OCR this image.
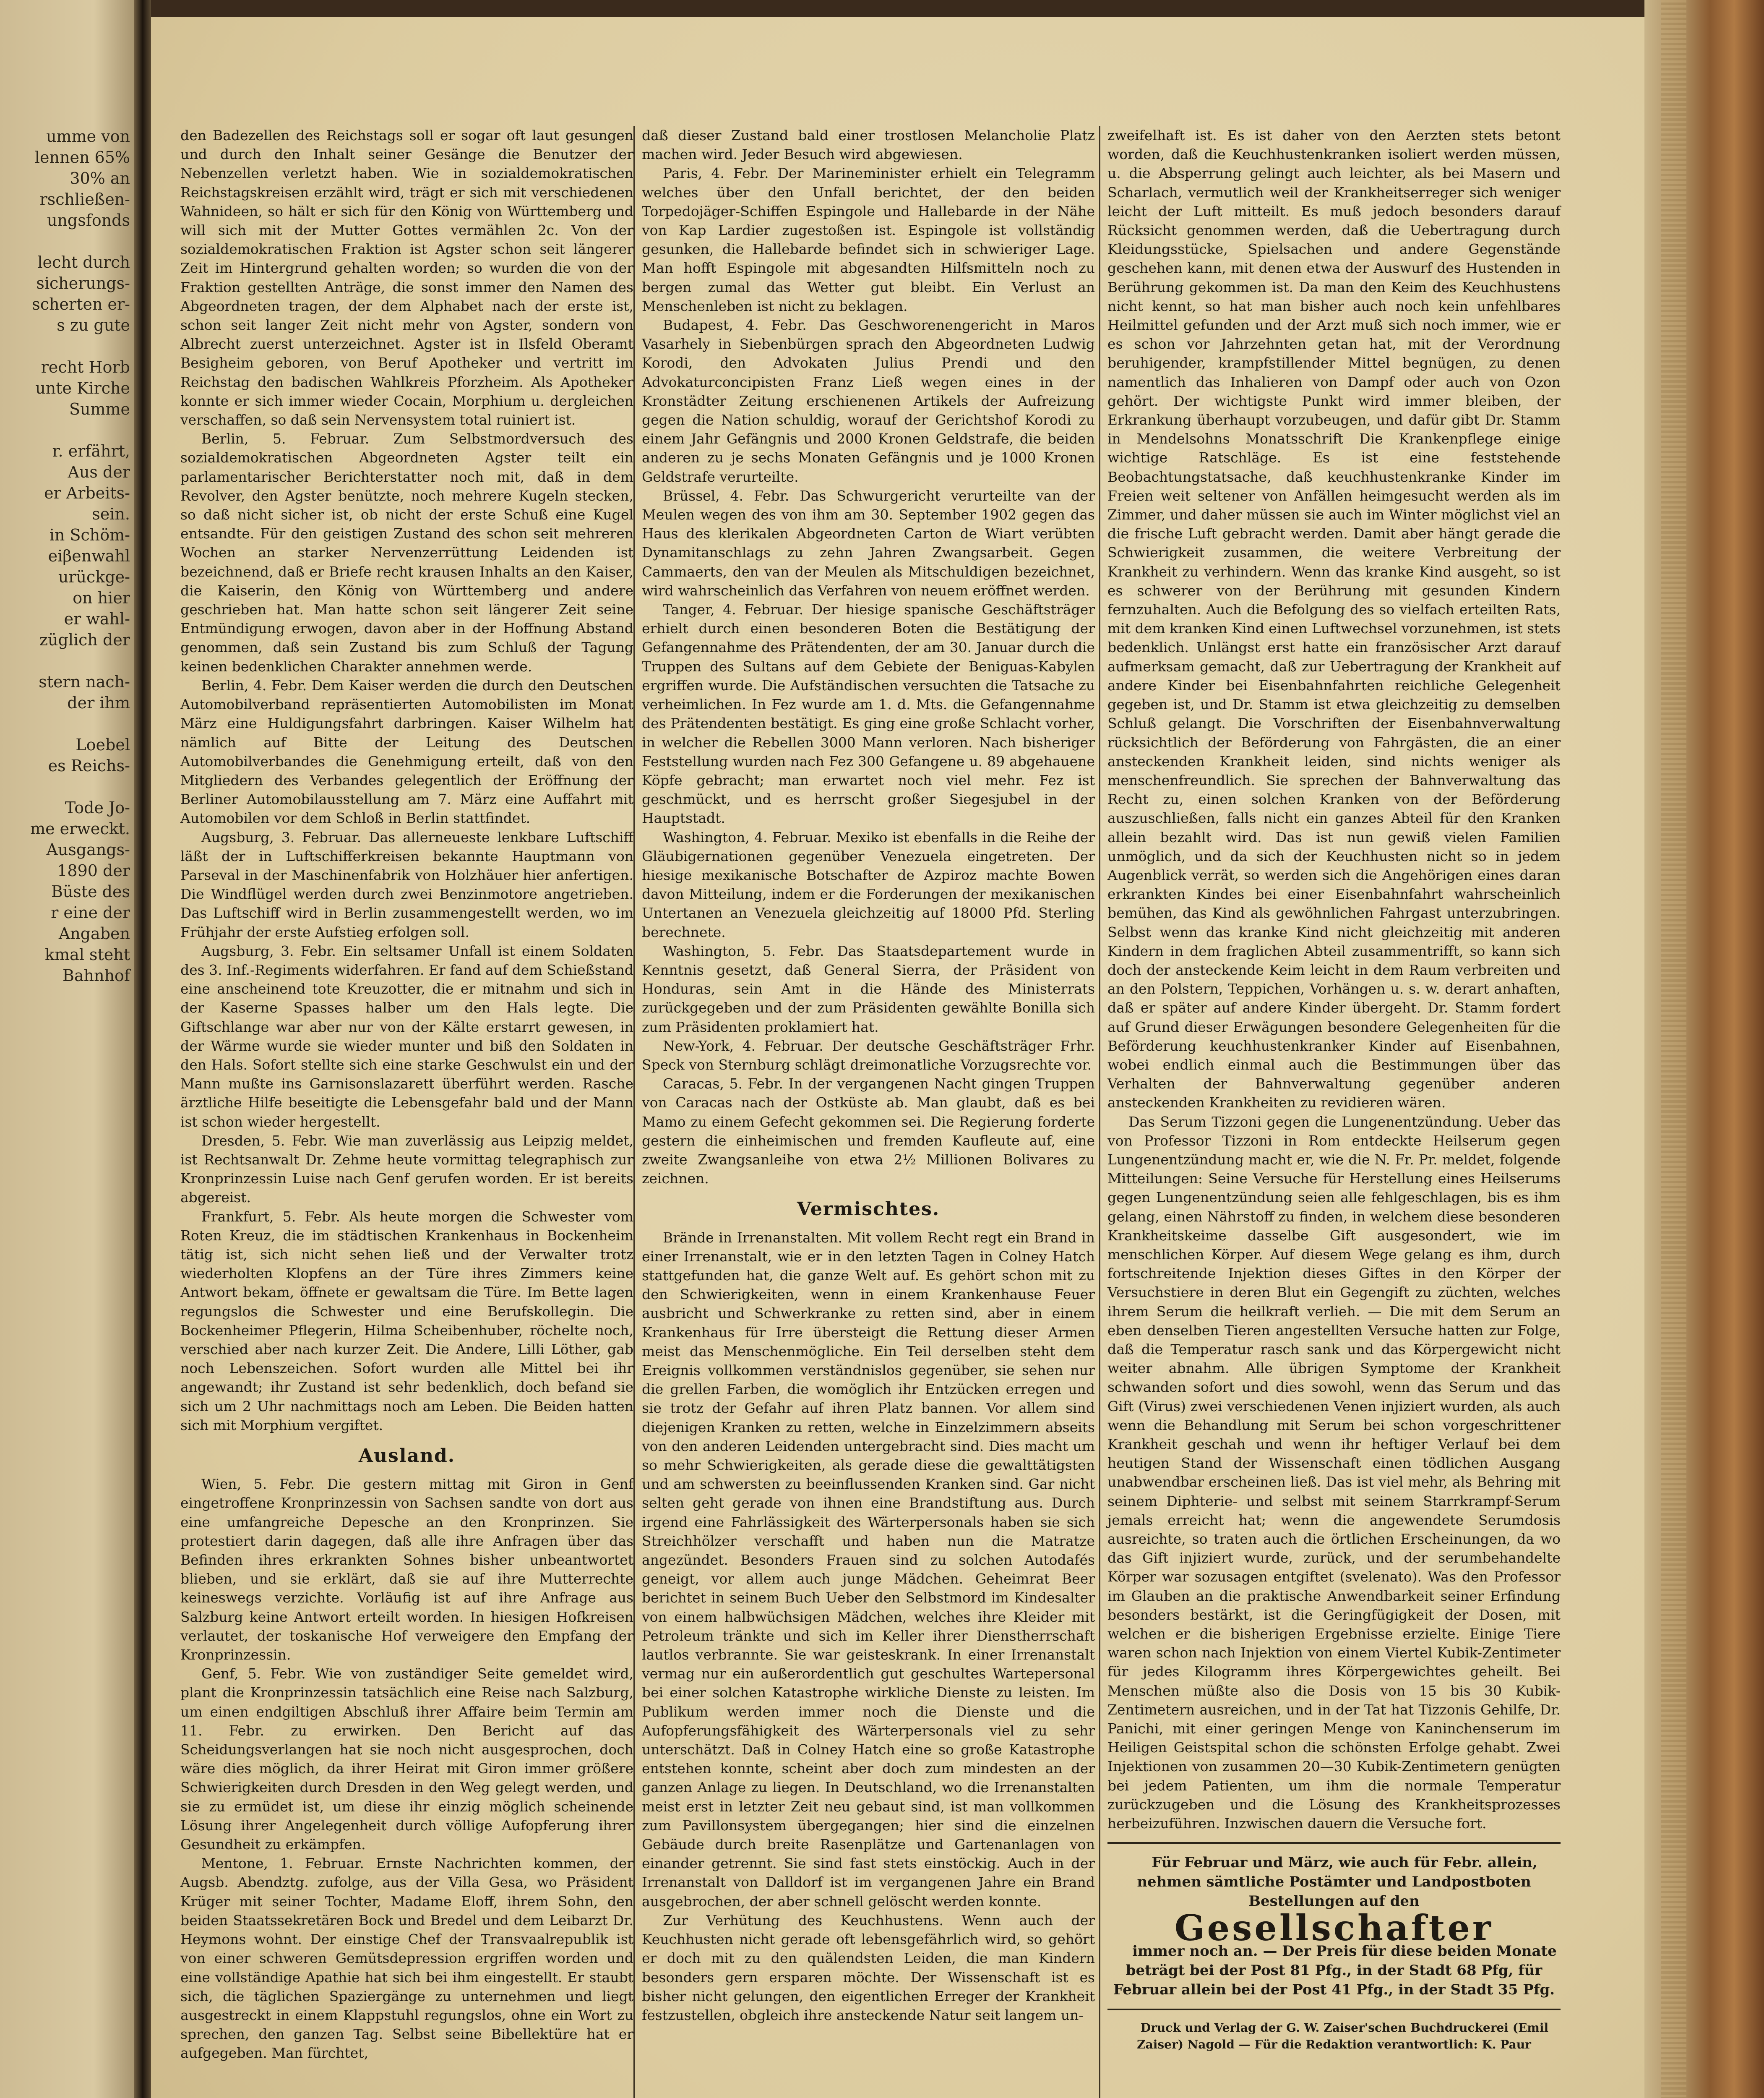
umme von
lennen 65%
30% an
rschließen-
ungsfonds

lecht durch
sicherungs-
scherten er-
s zu gute

recht Horb
unte Kirche
Summe

r. erfährt,
Aus der
er Arbeits-
sein.
in Schöm-
eiβenwahl
urückge-
on hier
er wahl-
züglich der

stern nach-
der ihm

Loebel
es Reichs-

Tode Jo-
me erweckt.
Ausgangs-
1890 der
Büste des
r eine der
Angaben
kmal steht
Bahnhof

den Badezellen des Reichstags soll er sogar oft laut gesungen und durch den Inhalt seiner Gesänge die Benutzer der Nebenzellen verletzt haben. Wie in sozialdemokratischen Reichstagskreisen erzählt wird, trägt er sich mit verschiedenen Wahnideen, so hält er sich für den König von Württemberg und will sich mit der Mutter Gottes vermählen 2c. Von der sozialdemokratischen Fraktion ist Agster schon seit längerer Zeit im Hintergrund gehalten worden; so wurden die von der Fraktion gestellten Anträge, die sonst immer den Namen des Abgeordneten tragen, der dem Alphabet nach der erste ist, schon seit langer Zeit nicht mehr von Agster, sondern von Albrecht zuerst unterzeichnet. Agster ist in Ilsfeld Oberamt Besigheim geboren, von Beruf Apotheker und vertritt im Reichstag den badischen Wahlkreis Pforzheim. Als Apotheker konnte er sich immer wieder Cocain, Morphium u. dergleichen verschaffen, so daß sein Nervensystem total ruiniert ist.

Berlin, 5. Februar. Zum Selbstmordversuch des sozialdemokratischen Abgeordneten Agster teilt ein parlamentarischer Berichterstatter noch mit, daß in dem Revolver, den Agster benützte, noch mehrere Kugeln stecken, so daß nicht sicher ist, ob nicht der erste Schuß eine Kugel entsandte. Für den geistigen Zustand des schon seit mehreren Wochen an starker Nervenzerrüttung Leidenden ist bezeichnend, daß er Briefe recht krausen Inhalts an den Kaiser, die Kaiserin, den König von Württemberg und andere geschrieben hat. Man hatte schon seit längerer Zeit seine Entmündigung erwogen, davon aber in der Hoffnung Abstand genommen, daß sein Zustand bis zum Schluß der Tagung keinen bedenklichen Charakter annehmen werde.

Berlin, 4. Febr. Dem Kaiser werden die durch den Deutschen Automobilverband repräsentierten Automobilisten im Monat März eine Huldigungsfahrt darbringen. Kaiser Wilhelm hat nämlich auf Bitte der Leitung des Deutschen Automobilverbandes die Genehmigung erteilt, daß von den Mitgliedern des Verbandes gelegentlich der Eröffnung der Berliner Automobilausstellung am 7. März eine Auffahrt mit Automobilen vor dem Schloß in Berlin stattfindet.

Augsburg, 3. Februar. Das allerneueste lenkbare Luftschiff läßt der in Luftschifferkreisen bekannte Hauptmann von Parseval in der Maschinenfabrik von Holzhäuer hier anfertigen. Die Windflügel werden durch zwei Benzinmotore angetrieben. Das Luftschiff wird in Berlin zusammengestellt werden, wo im Frühjahr der erste Aufstieg erfolgen soll.

Augsburg, 3. Febr. Ein seltsamer Unfall ist einem Soldaten des 3. Inf.-Regiments widerfahren. Er fand auf dem Schießstand eine anscheinend tote Kreuzotter, die er mitnahm und sich in der Kaserne Spasses halber um den Hals legte. Die Giftschlange war aber nur von der Kälte erstarrt gewesen, in der Wärme wurde sie wieder munter und biß den Soldaten in den Hals. Sofort stellte sich eine starke Geschwulst ein und der Mann mußte ins Garnisonslazarett überführt werden. Rasche ärztliche Hilfe beseitigte die Lebensgefahr bald und der Mann ist schon wieder hergestellt.

Dresden, 5. Febr. Wie man zuverlässig aus Leipzig meldet, ist Rechtsanwalt Dr. Zehme heute vormittag telegraphisch zur Kronprinzessin Luise nach Genf gerufen worden. Er ist bereits abgereist.

Frankfurt, 5. Febr. Als heute morgen die Schwester vom Roten Kreuz, die im städtischen Krankenhaus in Bockenheim tätig ist, sich nicht sehen ließ und der Verwalter trotz wiederholten Klopfens an der Türe ihres Zimmers keine Antwort bekam, öffnete er gewaltsam die Türe. Im Bette lagen regungslos die Schwester und eine Berufskollegin. Die Bockenheimer Pflegerin, Hilma Scheibenhuber, röchelte noch, verschied aber nach kurzer Zeit. Die Andere, Lilli Löther, gab noch Lebenszeichen. Sofort wurden alle Mittel bei ihr angewandt; ihr Zustand ist sehr bedenklich, doch befand sie sich um 2 Uhr nachmittags noch am Leben. Die Beiden hatten sich mit Morphium vergiftet.

Ausland.

Wien, 5. Febr. Die gestern mittag mit Giron in Genf eingetroffene Kronprinzessin von Sachsen sandte von dort aus eine umfangreiche Depesche an den Kronprinzen. Sie protestiert darin dagegen, daß alle ihre Anfragen über das Befinden ihres erkrankten Sohnes bisher unbeantwortet blieben, und sie erklärt, daß sie auf ihre Mutterrechte keineswegs verzichte. Vorläufig ist auf ihre Anfrage aus Salzburg keine Antwort erteilt worden. In hiesigen Hofkreisen verlautet, der toskanische Hof verweigere den Empfang der Kronprinzessin.

Genf, 5. Febr. Wie von zuständiger Seite gemeldet wird, plant die Kronprinzessin tatsächlich eine Reise nach Salzburg, um einen endgiltigen Abschluß ihrer Affaire beim Termin am 11. Febr. zu erwirken. Den Bericht auf das Scheidungsverlangen hat sie noch nicht ausgesprochen, doch wäre dies möglich, da ihrer Heirat mit Giron immer größere Schwierigkeiten durch Dresden in den Weg gelegt werden, und sie zu ermüdet ist, um diese ihr einzig möglich scheinende Lösung ihrer Angelegenheit durch völlige Aufopferung ihrer Gesundheit zu erkämpfen.

Mentone, 1. Februar. Ernste Nachrichten kommen, der Augsb. Abendztg. zufolge, aus der Villa Gesa, wo Präsident Krüger mit seiner Tochter, Madame Eloff, ihrem Sohn, den beiden Staatssekretären Bock und Bredel und dem Leibarzt Dr. Heymons wohnt. Der einstige Chef der Transvaalrepublik ist von einer schweren Gemütsdepression ergriffen worden und eine vollständige Apathie hat sich bei ihm eingestellt. Er staubt sich, die täglichen Spaziergänge zu unternehmen und liegt ausgestreckt in einem Klappstuhl regungslos, ohne ein Wort zu sprechen, den ganzen Tag. Selbst seine Bibellektüre hat er aufgegeben. Man fürchtet,

daß dieser Zustand bald einer trostlosen Melancholie Platz machen wird. Jeder Besuch wird abgewiesen.

Paris, 4. Febr. Der Marineminister erhielt ein Telegramm welches über den Unfall berichtet, der den beiden Torpedojäger-Schiffen Espingole und Hallebarde in der Nähe von Kap Lardier zugestoßen ist. Espingole ist vollständig gesunken, die Hallebarde befindet sich in schwieriger Lage. Man hofft Espingole mit abgesandten Hilfsmitteln noch zu bergen zumal das Wetter gut bleibt. Ein Verlust an Menschenleben ist nicht zu beklagen.

Budapest, 4. Febr. Das Geschworenengericht in Maros Vasarhely in Siebenbürgen sprach den Abgeordneten Ludwig Korodi, den Advokaten Julius Prendi und den Advokaturconcipisten Franz Ließ wegen eines in der Kronstädter Zeitung erschienenen Artikels der Aufreizung gegen die Nation schuldig, worauf der Gerichtshof Korodi zu einem Jahr Gefängnis und 2000 Kronen Geldstrafe, die beiden anderen zu je sechs Monaten Gefängnis und je 1000 Kronen Geldstrafe verurteilte.

Brüssel, 4. Febr. Das Schwurgericht verurteilte van der Meulen wegen des von ihm am 30. September 1902 gegen das Haus des klerikalen Abgeordneten Carton de Wiart verübten Dynamitanschlags zu zehn Jahren Zwangsarbeit. Gegen Cammaerts, den van der Meulen als Mitschuldigen bezeichnet, wird wahrscheinlich das Verfahren von neuem eröffnet werden.

Tanger, 4. Februar. Der hiesige spanische Geschäftsträger erhielt durch einen besonderen Boten die Bestätigung der Gefangennahme des Prätendenten, der am 30. Januar durch die Truppen des Sultans auf dem Gebiete der Beniguas-Kabylen ergriffen wurde. Die Aufständischen versuchten die Tatsache zu verheimlichen. In Fez wurde am 1. d. Mts. die Gefangennahme des Prätendenten bestätigt. Es ging eine große Schlacht vorher, in welcher die Rebellen 3000 Mann verloren. Nach bisheriger Feststellung wurden nach Fez 300 Gefangene u. 89 abgehauene Köpfe gebracht; man erwartet noch viel mehr. Fez ist geschmückt, und es herrscht großer Siegesjubel in der Hauptstadt.

Washington, 4. Februar. Mexiko ist ebenfalls in die Reihe der Gläubigernationen gegenüber Venezuela eingetreten. Der hiesige mexikanische Botschafter de Azpiroz machte Bowen davon Mitteilung, indem er die Forderungen der mexikanischen Untertanen an Venezuela gleichzeitig auf 18000 Pfd. Sterling berechnete.

Washington, 5. Febr. Das Staatsdepartement wurde in Kenntnis gesetzt, daß General Sierra, der Präsident von Honduras, sein Amt in die Hände des Ministerrats zurückgegeben und der zum Präsidenten gewählte Bonilla sich zum Präsidenten proklamiert hat.

New-York, 4. Februar. Der deutsche Geschäftsträger Frhr. Speck von Sternburg schlägt dreimonatliche Vorzugsrechte vor.

Caracas, 5. Febr. In der vergangenen Nacht gingen Truppen von Caracas nach der Ostküste ab. Man glaubt, daß es bei Mamo zu einem Gefecht gekommen sei. Die Regierung forderte gestern die einheimischen und fremden Kaufleute auf, eine zweite Zwangsanleihe von etwa 2½ Millionen Bolivares zu zeichnen.

Vermischtes.

Brände in Irrenanstalten. Mit vollem Recht regt ein Brand in einer Irrenanstalt, wie er in den letzten Tagen in Colney Hatch stattgefunden hat, die ganze Welt auf. Es gehört schon mit zu den Schwierigkeiten, wenn in einem Krankenhause Feuer ausbricht und Schwerkranke zu retten sind, aber in einem Krankenhaus für Irre übersteigt die Rettung dieser Armen meist das Menschenmögliche. Ein Teil derselben steht dem Ereignis vollkommen verständnislos gegenüber, sie sehen nur die grellen Farben, die womöglich ihr Entzücken erregen und sie trotz der Gefahr auf ihren Platz bannen. Vor allem sind diejenigen Kranken zu retten, welche in Einzelzimmern abseits von den anderen Leidenden untergebracht sind. Dies macht um so mehr Schwierigkeiten, als gerade diese die gewalttätigsten und am schwersten zu beeinflussenden Kranken sind. Gar nicht selten geht gerade von ihnen eine Brandstiftung aus. Durch irgend eine Fahrlässigkeit des Wärterpersonals haben sie sich Streichhölzer verschafft und haben nun die Matratze angezündet. Besonders Frauen sind zu solchen Autodafés geneigt, vor allem auch junge Mädchen. Geheimrat Beer berichtet in seinem Buch Ueber den Selbstmord im Kindesalter von einem halbwüchsigen Mädchen, welches ihre Kleider mit Petroleum tränkte und sich im Keller ihrer Dienstherrschaft lautlos verbrannte. Sie war geisteskrank. In einer Irrenanstalt vermag nur ein außerordentlich gut geschultes Wartepersonal bei einer solchen Katastrophe wirkliche Dienste zu leisten. Im Publikum werden immer noch die Dienste und die Aufopferungsfähigkeit des Wärterpersonals viel zu sehr unterschätzt. Daß in Colney Hatch eine so große Katastrophe entstehen konnte, scheint aber doch zum mindesten an der ganzen Anlage zu liegen. In Deutschland, wo die Irrenanstalten meist erst in letzter Zeit neu gebaut sind, ist man vollkommen zum Pavillonsystem übergegangen; hier sind die einzelnen Gebäude durch breite Rasenplätze und Gartenanlagen von einander getrennt. Sie sind fast stets einstöckig. Auch in der Irrenanstalt von Dalldorf ist im vergangenen Jahre ein Brand ausgebrochen, der aber schnell gelöscht werden konnte.

Zur Verhütung des Keuchhustens. Wenn auch der Keuchhusten nicht gerade oft lebensgefährlich wird, so gehört er doch mit zu den quälendsten Leiden, die man Kindern besonders gern ersparen möchte. Der Wissenschaft ist es bisher nicht gelungen, den eigentlichen Erreger der Krankheit festzustellen, obgleich ihre ansteckende Natur seit langem un-

zweifelhaft ist. Es ist daher von den Aerzten stets betont worden, daß die Keuchhustenkranken isoliert werden müssen, u. die Absperrung gelingt auch leichter, als bei Masern und Scharlach, vermutlich weil der Krankheitserreger sich weniger leicht der Luft mitteilt. Es muß jedoch besonders darauf Rücksicht genommen werden, daß die Uebertragung durch Kleidungsstücke, Spielsachen und andere Gegenstände geschehen kann, mit denen etwa der Auswurf des Hustenden in Berührung gekommen ist. Da man den Keim des Keuchhustens nicht kennt, so hat man bisher auch noch kein unfehlbares Heilmittel gefunden und der Arzt muß sich noch immer, wie er es schon vor Jahrzehnten getan hat, mit der Verordnung beruhigender, krampfstillender Mittel begnügen, zu denen namentlich das Inhalieren von Dampf oder auch von Ozon gehört. Der wichtigste Punkt wird immer bleiben, der Erkrankung überhaupt vorzubeugen, und dafür gibt Dr. Stamm in Mendelsohns Monatsschrift Die Krankenpflege einige wichtige Ratschläge. Es ist eine feststehende Beobachtungstatsache, daß keuchhustenkranke Kinder im Freien weit seltener von Anfällen heimgesucht werden als im Zimmer, und daher müssen sie auch im Winter möglichst viel an die frische Luft gebracht werden. Damit aber hängt gerade die Schwierigkeit zusammen, die weitere Verbreitung der Krankheit zu verhindern. Wenn das kranke Kind ausgeht, so ist es schwerer von der Berührung mit gesunden Kindern fernzuhalten. Auch die Befolgung des so vielfach erteilten Rats, mit dem kranken Kind einen Luftwechsel vorzunehmen, ist stets bedenklich. Unlängst erst hatte ein französischer Arzt darauf aufmerksam gemacht, daß zur Uebertragung der Krankheit auf andere Kinder bei Eisenbahnfahrten reichliche Gelegenheit gegeben ist, und Dr. Stamm ist etwa gleichzeitig zu demselben Schluß gelangt. Die Vorschriften der Eisenbahnverwaltung rücksichtlich der Beförderung von Fahrgästen, die an einer ansteckenden Krankheit leiden, sind nichts weniger als menschenfreundlich. Sie sprechen der Bahnverwaltung das Recht zu, einen solchen Kranken von der Beförderung auszuschließen, falls nicht ein ganzes Abteil für den Kranken allein bezahlt wird. Das ist nun gewiß vielen Familien unmöglich, und da sich der Keuchhusten nicht so in jedem Augenblick verrät, so werden sich die Angehörigen eines daran erkrankten Kindes bei einer Eisenbahnfahrt wahrscheinlich bemühen, das Kind als gewöhnlichen Fahrgast unterzubringen. Selbst wenn das kranke Kind nicht gleichzeitig mit anderen Kindern in dem fraglichen Abteil zusammentrifft, so kann sich doch der ansteckende Keim leicht in dem Raum verbreiten und an den Polstern, Teppichen, Vorhängen u. s. w. derart anhaften, daß er später auf andere Kinder übergeht. Dr. Stamm fordert auf Grund dieser Erwägungen besondere Gelegenheiten für die Beförderung keuchhustenkranker Kinder auf Eisenbahnen, wobei endlich einmal auch die Bestimmungen über das Verhalten der Bahnverwaltung gegenüber anderen ansteckenden Krankheiten zu revidieren wären.

Das Serum Tizzoni gegen die Lungenentzündung. Ueber das von Professor Tizzoni in Rom entdeckte Heilserum gegen Lungenentzündung macht er, wie die N. Fr. Pr. meldet, folgende Mitteilungen: Seine Versuche für Herstellung eines Heilserums gegen Lungenentzündung seien alle fehlgeschlagen, bis es ihm gelang, einen Nährstoff zu finden, in welchem diese besonderen Krankheitskeime dasselbe Gift ausgesondert, wie im menschlichen Körper. Auf diesem Wege gelang es ihm, durch fortschreitende Injektion dieses Giftes in den Körper der Versuchstiere in deren Blut ein Gegengift zu züchten, welches ihrem Serum die heilkraft verlieh. — Die mit dem Serum an eben denselben Tieren angestellten Versuche hatten zur Folge, daß die Temperatur rasch sank und das Körpergewicht nicht weiter abnahm. Alle übrigen Symptome der Krankheit schwanden sofort und dies sowohl, wenn das Serum und das Gift (Virus) zwei verschiedenen Venen injiziert wurden, als auch wenn die Behandlung mit Serum bei schon vorgeschrittener Krankheit geschah und wenn ihr heftiger Verlauf bei dem heutigen Stand der Wissenschaft einen tödlichen Ausgang unabwendbar erscheinen ließ. Das ist viel mehr, als Behring mit seinem Diphterie- und selbst mit seinem Starrkrampf-Serum jemals erreicht hat; wenn die angewendete Serumdosis ausreichte, so traten auch die örtlichen Erscheinungen, da wo das Gift injiziert wurde, zurück, und der serumbehandelte Körper war sozusagen entgiftet (svelenato). Was den Professor im Glauben an die praktische Anwendbarkeit seiner Erfindung besonders bestärkt, ist die Geringfügigkeit der Dosen, mit welchen er die bisherigen Ergebnisse erzielte. Einige Tiere waren schon nach Injektion von einem Viertel Kubik-Zentimeter für jedes Kilogramm ihres Körpergewichtes geheilt. Bei Menschen müßte also die Dosis von 15 bis 30 Kubik-Zentimetern ausreichen, und in der Tat hat Tizzonis Gehilfe, Dr. Panichi, mit einer geringen Menge von Kaninchenserum im Heiligen Geistspital schon die schönsten Erfolge gehabt. Zwei Injektionen von zusammen 20—30 Kubik-Zentimetern genügten bei jedem Patienten, um ihm die normale Temperatur zurückzugeben und die Lösung des Krankheitsprozesses herbeizuführen. Inzwischen dauern die Versuche fort.

Für Februar und März, wie auch für Febr. allein, nehmen sämtliche Postämter und Landpostboten Bestellungen auf den

Gesellschafter

immer noch an. — Der Preis für diese beiden Monate beträgt bei der Post 81 Pfg., in der Stadt 68 Pfg, für Februar allein bei der Post 41 Pfg., in der Stadt 35 Pfg.

Druck und Verlag der G. W. Zaiser'schen Buchdruckerei (Emil Zaiser) Nagold — Für die Redaktion verantwortlich: K. Paur
